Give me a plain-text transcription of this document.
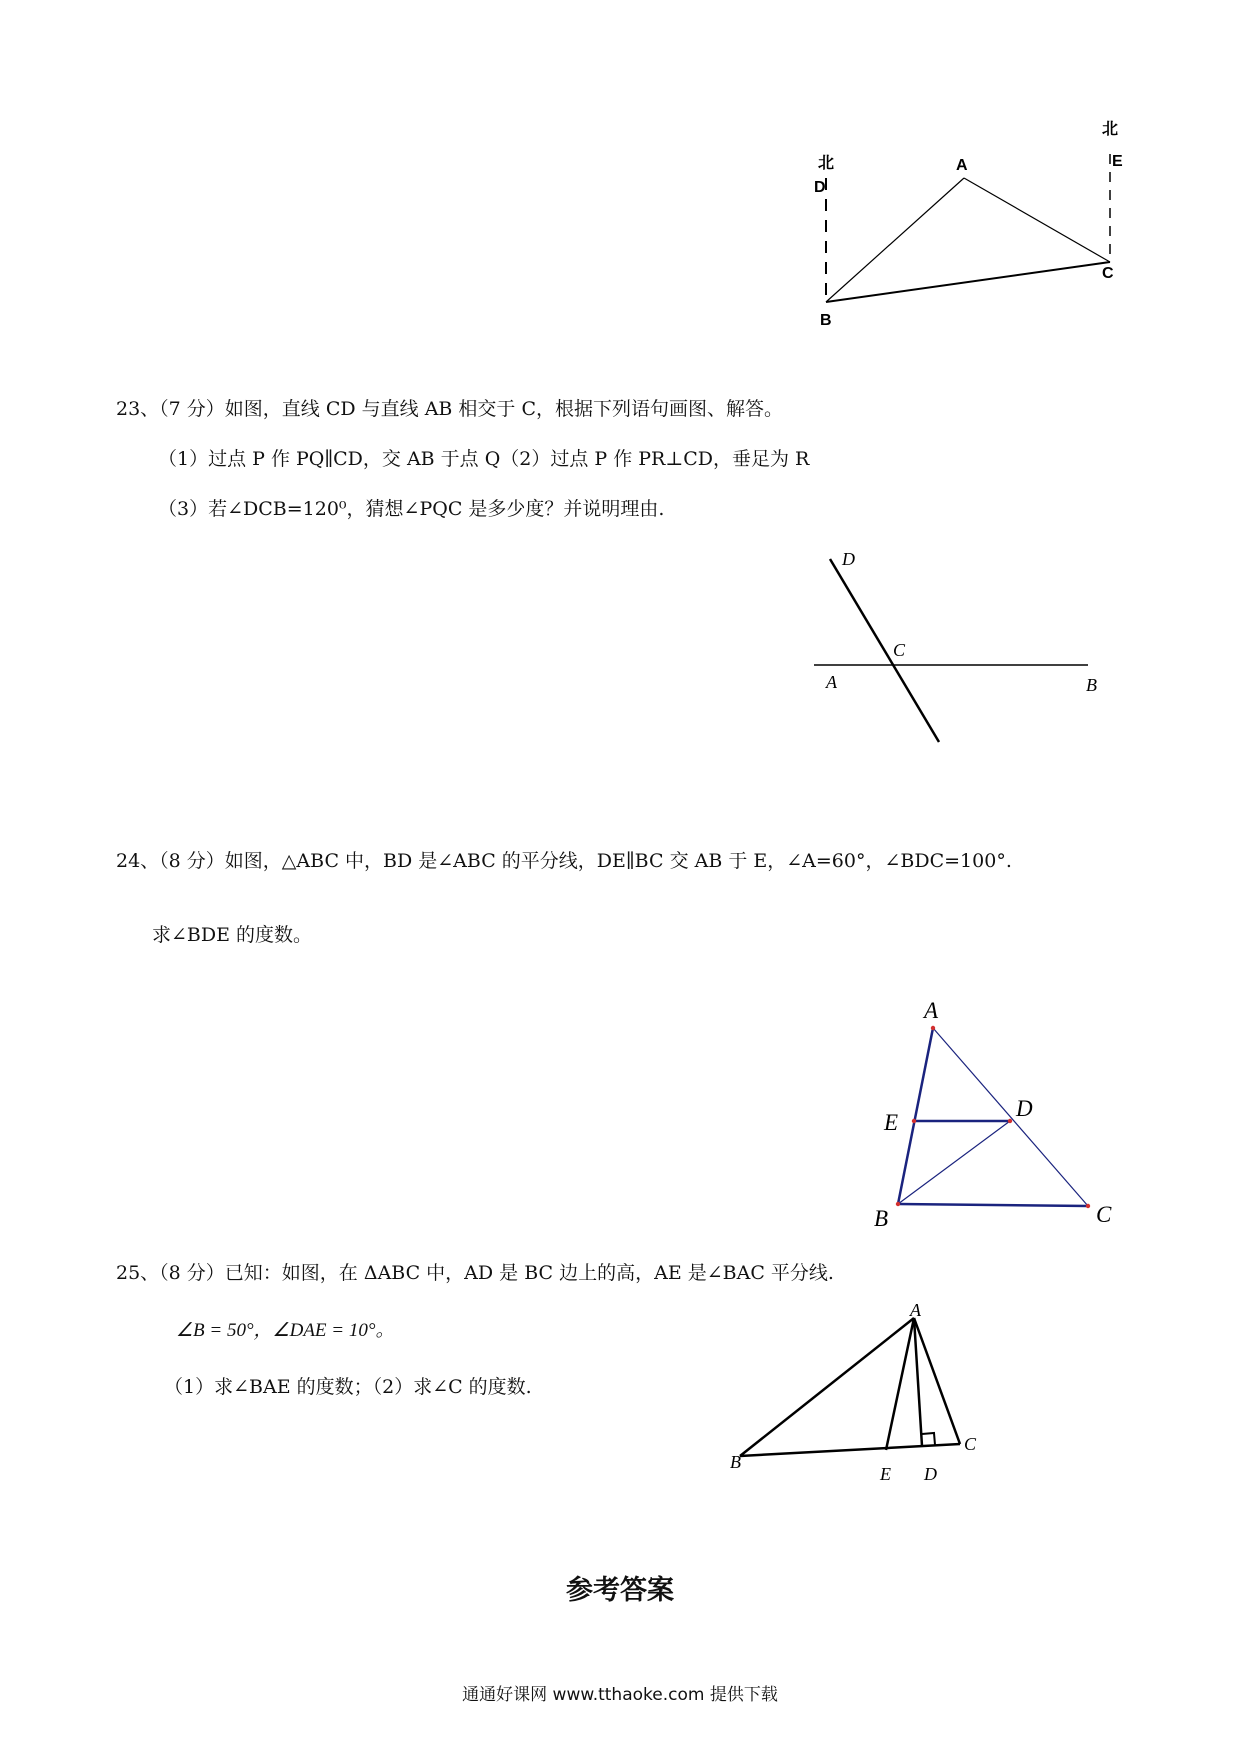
北
D
A
北
E
C
B
23、（7 分）如图，直线 CD 与直线 AB 相交于 C，根据下列语句画图、解答。
（1）过点 P 作 PQ∥CD，交 AB 于点 Q（2）过点 P 作 PR⊥CD，垂足为 R
（3）若∠DCB=120⁰，猜想∠PQC 是多少度？并说明理由.
D
C
A	B
24、（8 分）如图，△ABC 中，BD 是∠ABC 的平分线，DE∥BC 交 AB 于 E，∠A=60°，∠BDC=100°.
求∠BDE 的度数。
A
E
D
B	C
25、（8 分）已知：如图，在 ΔABC 中，AD 是 BC 边上的高，AE 是∠BAC 平分线.
∠B = 50°，∠DAE = 10°。
（1）求∠BAE 的度数；（2）求∠C 的度数.
A
B
C
E D
参考答案
通通好课网 www.tthaoke.com 提供下载
